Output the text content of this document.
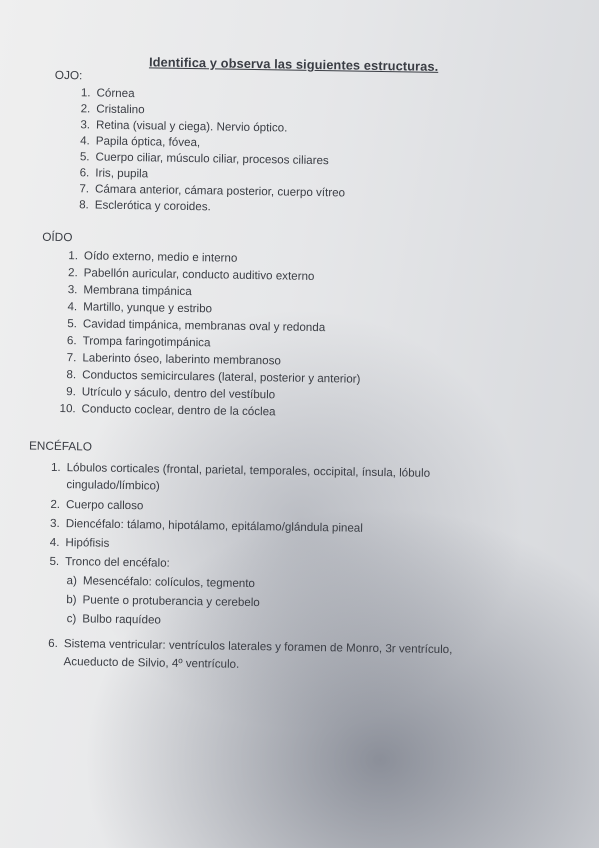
Identifica y observa las siguientes estructuras.
OJO:
1. Córnea
2. Cristalino
3. Retina (visual y ciega). Nervio óptico.
4. Papila óptica, fóvea,
5. Cuerpo ciliar, músculo ciliar, procesos ciliares
6. Iris, pupila
7. Cámara anterior, cámara posterior, cuerpo vítreo
8. Esclerótica y coroides.
OÍDO
1. Oído externo, medio e interno
2. Pabellón auricular, conducto auditivo externo
3. Membrana timpánica
4. Martillo, yunque y estribo
5. Cavidad timpánica, membranas oval y redonda
6. Trompa faringotimpánica
7. Laberinto óseo, laberinto membranoso
8. Conductos semicirculares (lateral, posterior y anterior)
9. Utrículo y sáculo, dentro del vestíbulo
10. Conducto coclear, dentro de la cóclea
ENCÉFALO
1. Lóbulos corticales (frontal, parietal, temporales, occipital, ínsula, lóbulo
cingulado/límbico)
2. Cuerpo calloso
3. Diencéfalo: tálamo, hipotálamo, epitálamo/glándula pineal
4. Hipófisis
5. Tronco del encéfalo:
a) Mesencéfalo: colículos, tegmento
b) Puente o protuberancia y cerebelo
c) Bulbo raquídeo
6. Sistema ventricular: ventrículos laterales y foramen de Monro, 3r ventrículo,
Acueducto de Silvio, 4º ventrículo.
